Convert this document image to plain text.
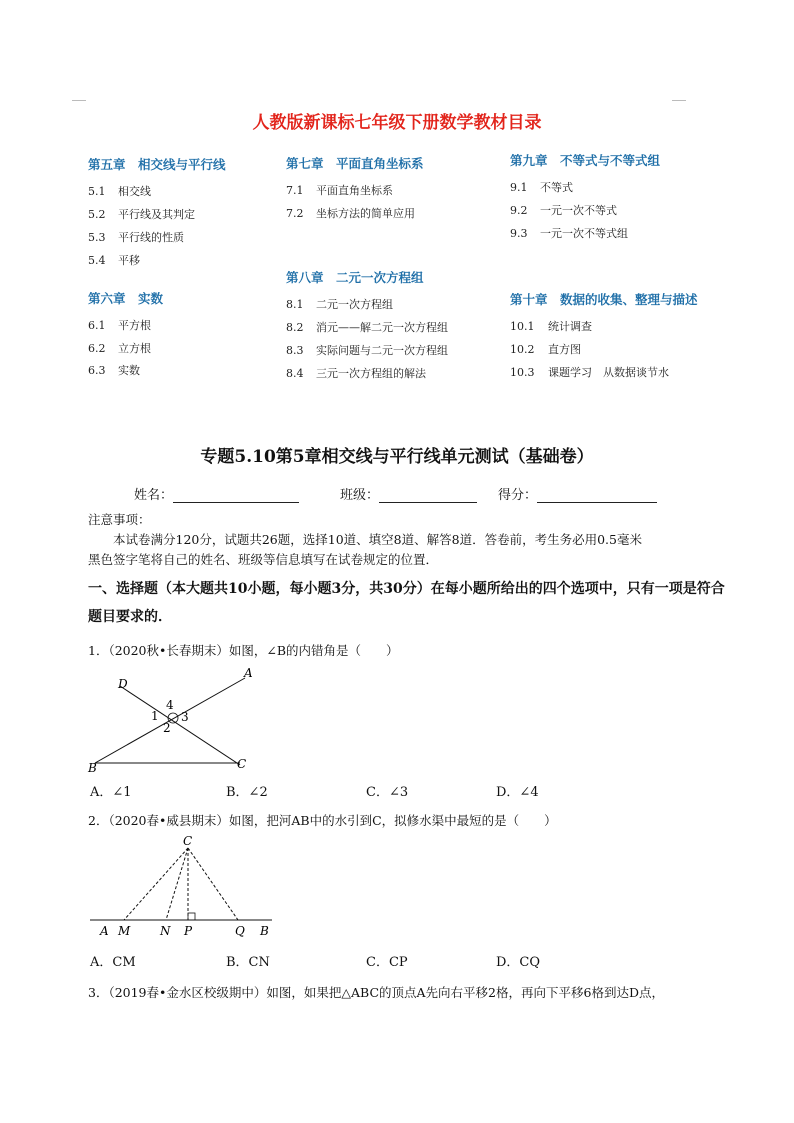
人教版新课标七年级下册数学教材目录
第五章　相交线与平行线
5.1 相交线
5.2 平行线及其判定
5.3 平行线的性质
5.4 平移
第六章　实数
6.1 平方根
6.2 立方根
6.3 实数
第七章　平面直角坐标系
7.1 平面直角坐标系
7.2 坐标方法的简单应用
第八章　二元一次方程组
8.1 二元一次方程组
8.2 消元——解二元一次方程组
8.3 实际问题与二元一次方程组
8.4 三元一次方程组的解法
第九章　不等式与不等式组
9.1 不等式
9.2 一元一次不等式
9.3 一元一次不等式组
第十章　数据的收集、整理与描述
10.1 统计调查
10.2 直方图
10.3 课题学习　从数据谈节水
专题5.10第5章相交线与平行线单元测试（基础卷）
姓名：	班级：	得分：
注意事项：
本试卷满分120分，试题共26题，选择10道、填空8道、解答8道．答卷前，考生务必用0.5毫米
黑色签字笔将自己的姓名、班级等信息填写在试卷规定的位置．
一、选择题（本大题共10小题，每小题3分，共30分）在每小题所给出的四个选项中，只有一项是符合
题目要求的．
1．（2020秋•长春期末）如图，∠B的内错角是（　　）
D
A
B	C
1
2
3
4
A．∠1	B．∠2	C．∠3	D．∠4
2．（2020春•威县期末）如图，把河AB中的水引到C，拟修水渠中最短的是（　　）
C
A M N P	Q B
A．CM	B．CN	C．CP	D．CQ
3．（2019春•金水区校级期中）如图，如果把△ABC的顶点A先向右平移2格，再向下平移6格到达D点，
